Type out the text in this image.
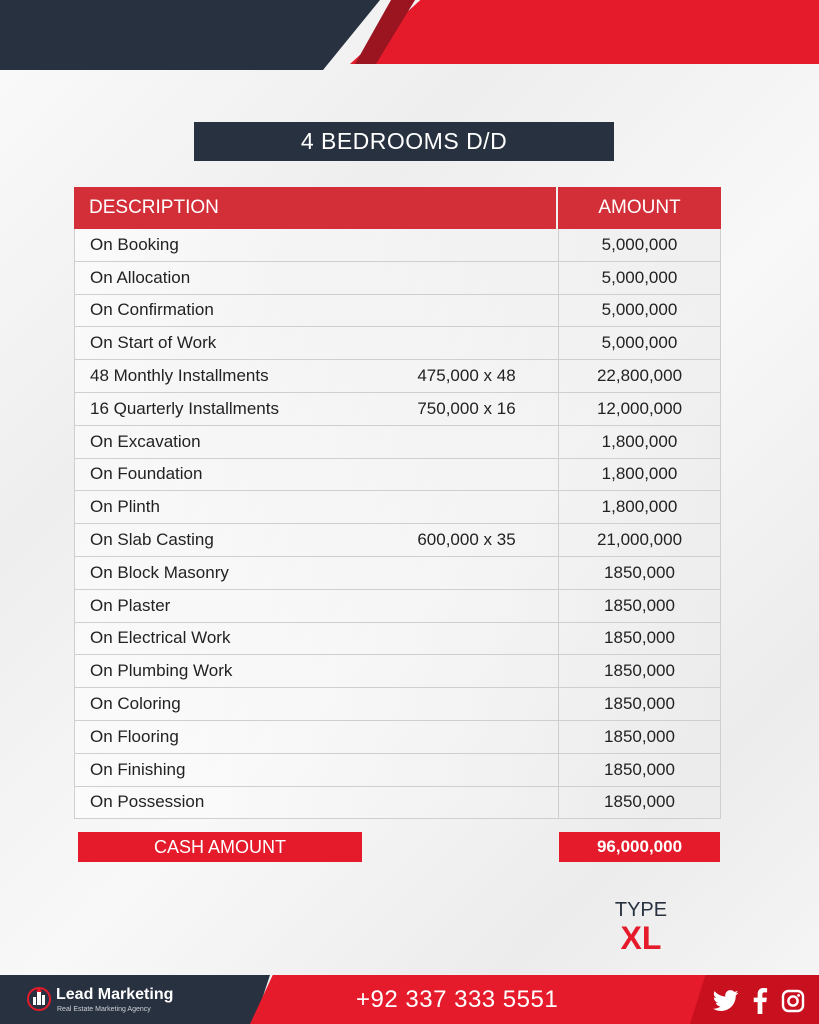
4 BEDROOMS D/D
DESCRIPTION	AMOUNT
On Booking	5,000,000
On Allocation	5,000,000
On Confirmation	5,000,000
On Start of Work	5,000,000
48 Monthly Installments	475,000 x 48	22,800,000
16 Quarterly Installments	750,000 x 16	12,000,000
On Excavation	1,800,000
On Foundation	1,800,000
On Plinth	1,800,000
On Slab Casting	600,000 x 35	21,000,000
On Block Masonry	1850,000
On Plaster	1850,000
On Electrical Work	1850,000
On Plumbing Work	1850,000
On Coloring	1850,000
On Flooring	1850,000
On Finishing	1850,000
On Possession	1850,000
CASH AMOUNT	96,000,000
TYPE
XL
Lead Marketing
Real Estate Marketing Agency	+92 337 333 5551
